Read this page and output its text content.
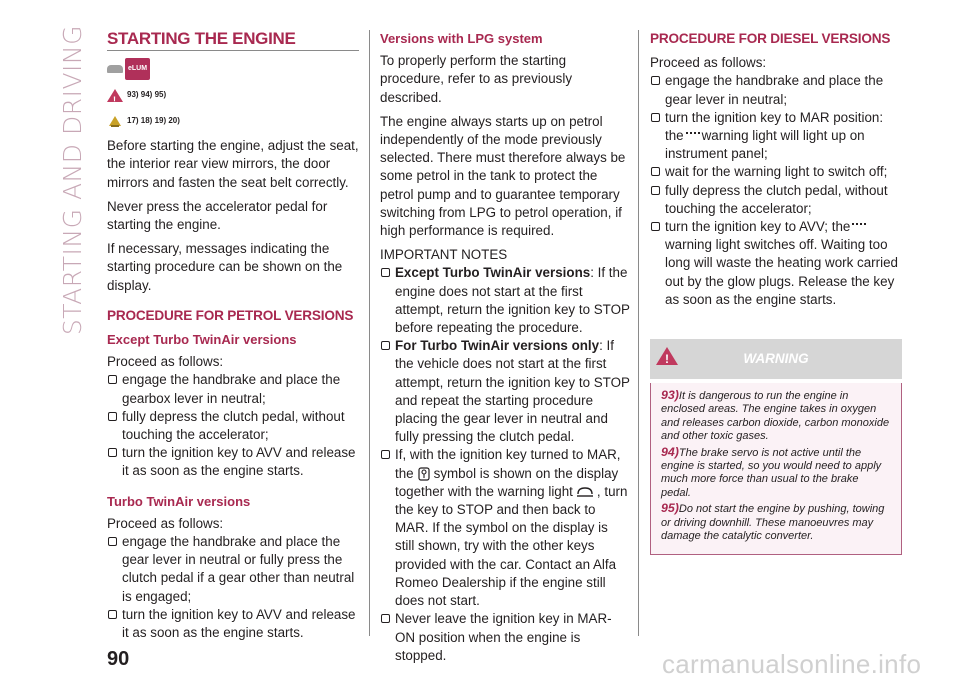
STARTING AND DRIVING STARTING THE ENGINE
eLUM
!
93) 94) 95)
17) 18) 19) 20)

Before starting the engine, adjust the seat, the interior rear view mirrors, the door mirrors and fasten the seat belt correctly.

Never press the accelerator pedal for starting the engine.

If necessary, messages indicating the starting procedure can be shown on the display.

PROCEDURE FOR PETROL VERSIONS
Except Turbo TwinAir versions

Proceed as follows:

engage the handbrake and place the gearbox lever in neutral;
fully depress the clutch pedal, without touching the accelerator;
turn the ignition key to AVV and release it as soon as the engine starts.
Turbo TwinAir versions

Proceed as follows:

engage the handbrake and place the gear lever in neutral or fully press the clutch pedal if a gear other than neutral is engaged;
turn the ignition key to AVV and release it as soon as the engine starts.
Versions with LPG system

To properly perform the starting procedure, refer to as previously described.

The engine always starts up on petrol independently of the mode previously selected. There must therefore always be some petrol in the tank to protect the petrol pump and to guarantee temporary switching from LPG to petrol operation, if high performance is required.

IMPORTANT NOTES

Except Turbo TwinAir versions: If the engine does not start at the first attempt, return the ignition key to STOP before repeating the procedure.
For Turbo TwinAir versions only: If the vehicle does not start at the first attempt, return the ignition key to STOP and repeat the starting procedure placing the gear lever in neutral and fully pressing the clutch pedal.
If, with the ignition key turned to MAR, the symbol is shown on the display together with the warning light , turn the key to STOP and then back to MAR. If the symbol on the display is still shown, try with the other keys provided with the car. Contact an Alfa Romeo Dealership if the engine still does not start.
Never leave the ignition key in MAR-ON position when the engine is stopped.
PROCEDURE FOR DIESEL VERSIONS

Proceed as follows:

engage the handbrake and place the gear lever in neutral;
turn the ignition key to MAR position: the warning light will light up on instrument panel;
wait for the warning light to switch off;
fully depress the clutch pedal, without touching the accelerator;
turn the ignition key to AVV; thewarning light switches off. Waiting too long will waste the heating work carried out by the glow plugs. Release the key as soon as the engine starts.
!
WARNING
93)It is dangerous to run the engine in enclosed areas. The engine takes in oxygen and releases carbon dioxide, carbon monoxide and other toxic gases.
94)The brake servo is not active until the engine is started, so you would need to apply much more force than usual to the brake pedal.
95)Do not start the engine by pushing, towing or driving downhill. These manoeuvres may damage the catalytic converter.
90	carmanualsonline.info
